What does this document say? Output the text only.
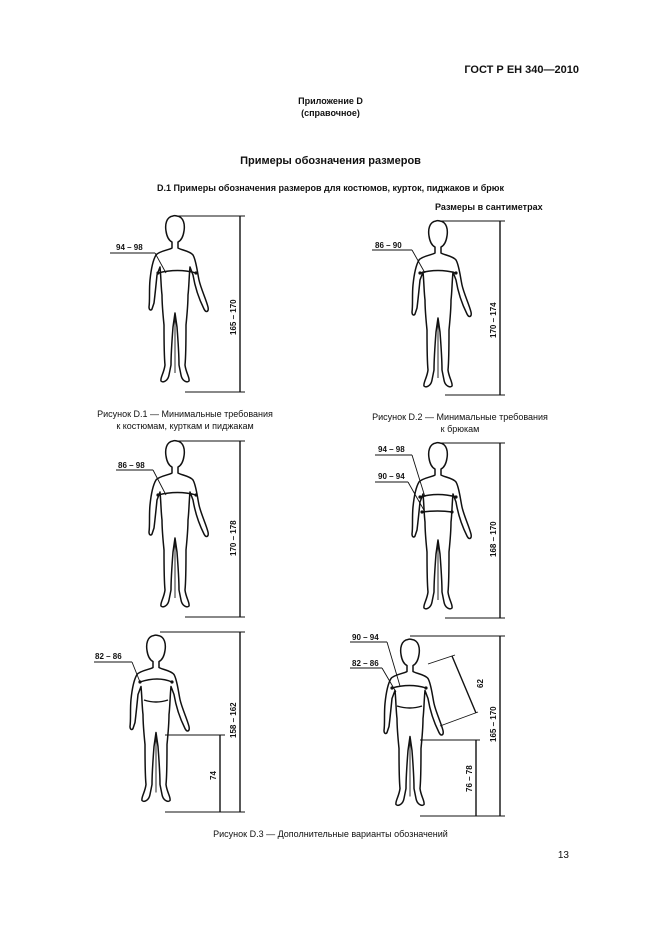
ГОСТ Р ЕН 340—2010
Приложение D
(справочное)
Примеры обозначения размеров
D.1 Примеры обозначения размеров для костюмов, курток, пиджаков и брюк
Размеры в сантиметрах
94 – 98
165 – 170
86 – 90
170 – 174
86 – 98
170 – 178
94 – 98
90 – 94
168 – 170
82 – 86
158 – 162
74
90 – 94
82 – 86
62
165 – 170
76 – 78
Рисунок D.1 — Минимальные требования
к костюмам, курткам и пиджакам
Рисунок D.2 — Минимальные требования
к брюкам
Рисунок D.3 — Дополнительные варианты обозначений
13
